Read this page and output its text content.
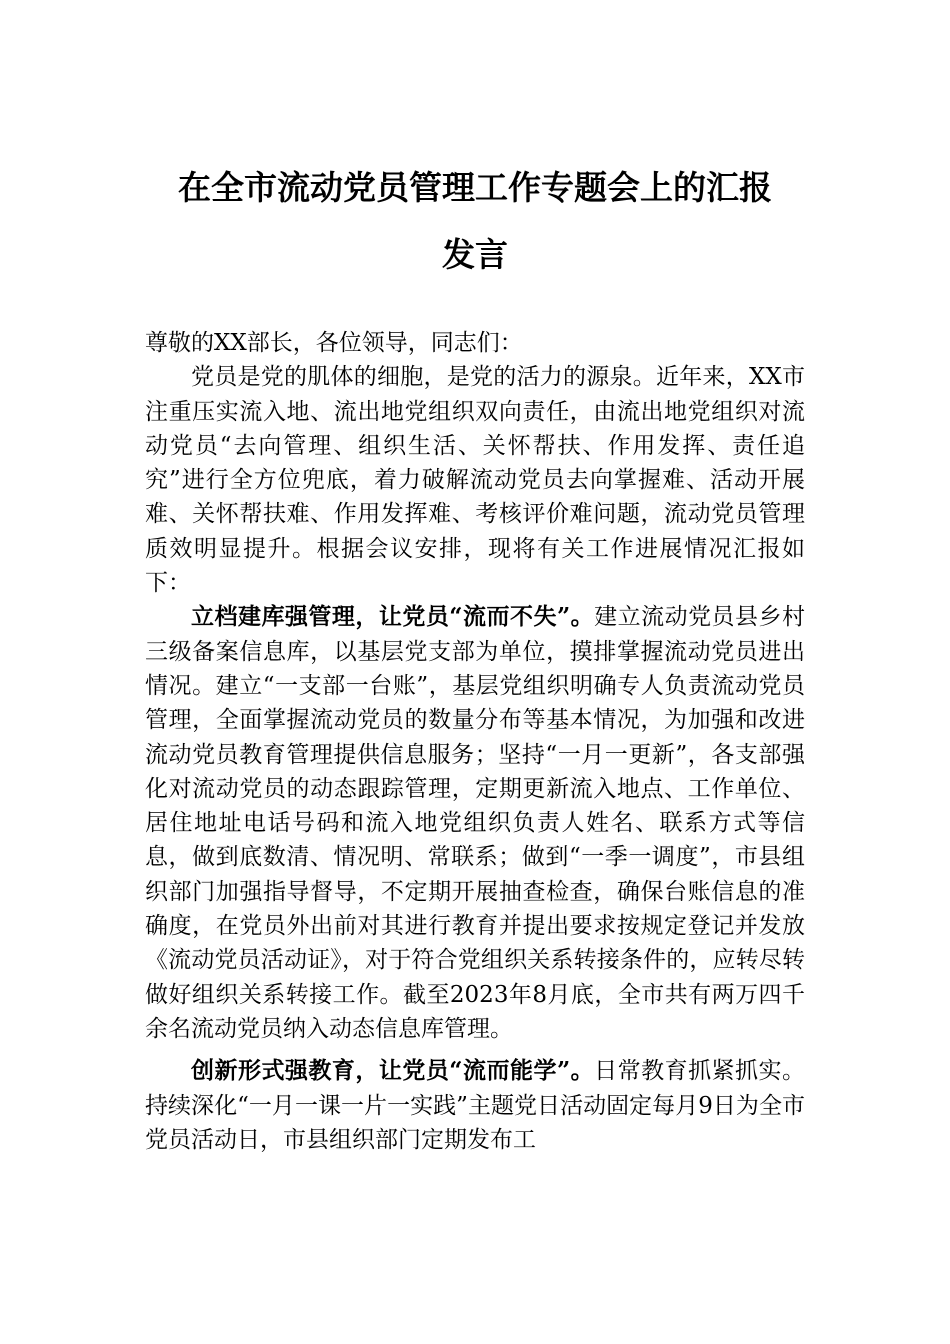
在全市流动党员管理工作专题会上的汇报
发言

尊敬的XX部长，各位领导，同志们：

党员是党的肌体的细胞，是党的活力的源泉。近年来，XX市注重压实流入地、流出地党组织双向责任，由流出地党组织对流动党员“去向管理、组织生活、关怀帮扶、作用发挥、责任追究”进行全方位兜底，着力破解流动党员去向掌握难、活动开展难、关怀帮扶难、作用发挥难、考核评价难问题，流动党员管理质效明显提升。根据会议安排，现将有关工作进展情况汇报如下：

立档建库强管理，让党员“流而不失”。建立流动党员县乡村三级备案信息库，以基层党支部为单位，摸排掌握流动党员进出情况。建立“一支部一台账”，基层党组织明确专人负责流动党员管理，全面掌握流动党员的数量分布等基本情况，为加强和改进流动党员教育管理提供信息服务；坚持“一月一更新”，各支部强化对流动党员的动态跟踪管理，定期更新流入地点、工作单位、居住地址电话号码和流入地党组织负责人姓名、联系方式等信息，做到底数清、情况明、常联系；做到“一季一调度”，市县组织部门加强指导督导，不定期开展抽查检查，确保台账信息的准确度，在党员外出前对其进行教育并提出要求按规定登记并发放《流动党员活动证》，对于符合党组织关系转接条件的，应转尽转做好组织关系转接工作。截至2023年8月底，全市共有两万四千余名流动党员纳入动态信息库管理。

创新形式强教育，让党员“流而能学”。日常教育抓紧抓实。持续深化“一月一课一片一实践”主题党日活动固定每月9日为全市党员活动日，市县组织部门定期发布工
